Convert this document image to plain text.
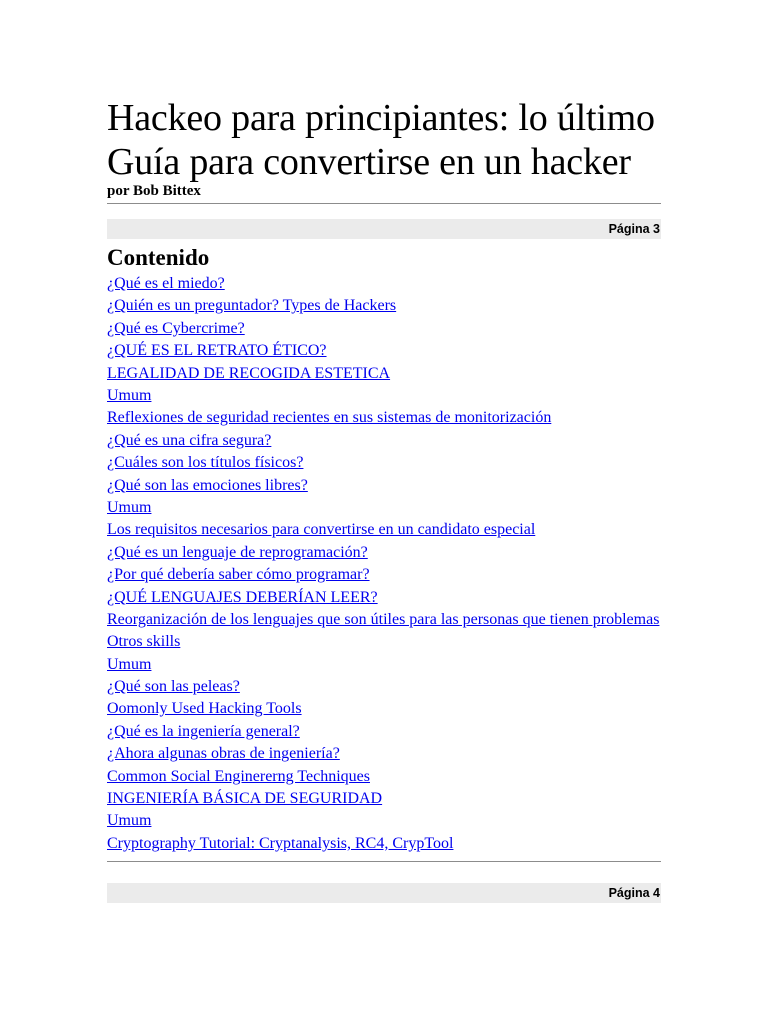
Hackeo para principiantes: lo último
Guía para convertirse en un hacker
por Bob Bittex
Página 3
Contenido
¿Qué es el miedo?
¿Quién es un preguntador? Types de Hackers
¿Qué es Cybercrime?
¿QUÉ ES EL RETRATO ÉTICO?
LEGALIDAD DE RECOGIDA ESTETICA
Umum
Reflexiones de seguridad recientes en sus sistemas de monitorización
¿Qué es una cifra segura?
¿Cuáles son los títulos físicos?
¿Qué son las emociones libres?
Umum
Los requisitos necesarios para convertirse en un candidato especial
¿Qué es un lenguaje de reprogramación?
¿Por qué debería saber cómo programar?
¿QUÉ LENGUAJES DEBERÍAN LEER?
Reorganización de los lenguajes que son útiles para las personas que tienen problemas
Otros skills
Umum
¿Qué son las peleas?
Oomonly Used Hacking Tools
¿Qué es la ingeniería general?
¿Ahora algunas obras de ingeniería?
Common Social Enginererng Techniques
INGENIERÍA BÁSICA DE SEGURIDAD
Umum
Cryptography Tutorial: Cryptanalysis, RC4, CrypTool
Página 4
